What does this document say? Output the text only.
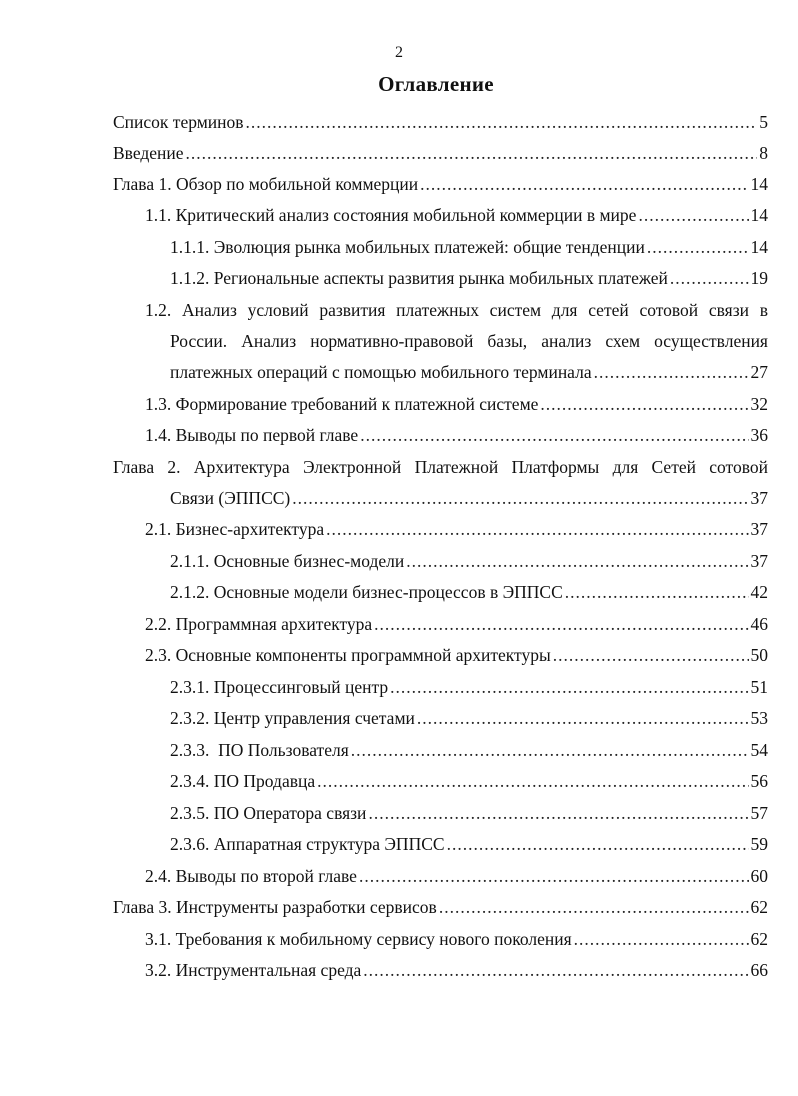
2
Оглавление
Список терминов .....	5
Введение .....	8
Глава 1. Обзор по мобильной коммерции .....	14
1.1. Критический анализ состояния мобильной коммерции в мире .....	14
1.1.1. Эволюция рынка мобильных платежей: общие тенденции .....	14
1.1.2. Региональные аспекты развития рынка мобильных платежей .....	19
1.2. Анализ условий развития платежных систем для сетей сотовой связи в
России. Анализ нормативно-правовой базы, анализ схем осуществления
платежных операций с помощью мобильного терминала .....	27
1.3. Формирование требований к платежной системе .....	32
1.4. Выводы по первой главе .....	36
Глава 2. Архитектура Электронной Платежной Платформы для Сетей сотовой
Связи (ЭППСС) .....	37
2.1. Бизнес-архитектура .....	37
2.1.1. Основные бизнес-модели .....	37
2.1.2. Основные модели бизнес-процессов в ЭППСС .....	42
2.2. Программная архитектура .....	46
2.3. Основные компоненты программной архитектуры .....	50
2.3.1. Процессинговый центр .....	51
2.3.2. Центр управления счетами .....	53
2.3.3.  ПО Пользователя .....	54
2.3.4. ПО Продавца .....	56
2.3.5. ПО Оператора связи .....	57
2.3.6. Аппаратная структура ЭППСС .....	59
2.4. Выводы по второй главе .....	60
Глава 3. Инструменты разработки сервисов .....	62
3.1. Требования к мобильному сервису нового поколения .....	62
3.2. Инструментальная среда .....	66
